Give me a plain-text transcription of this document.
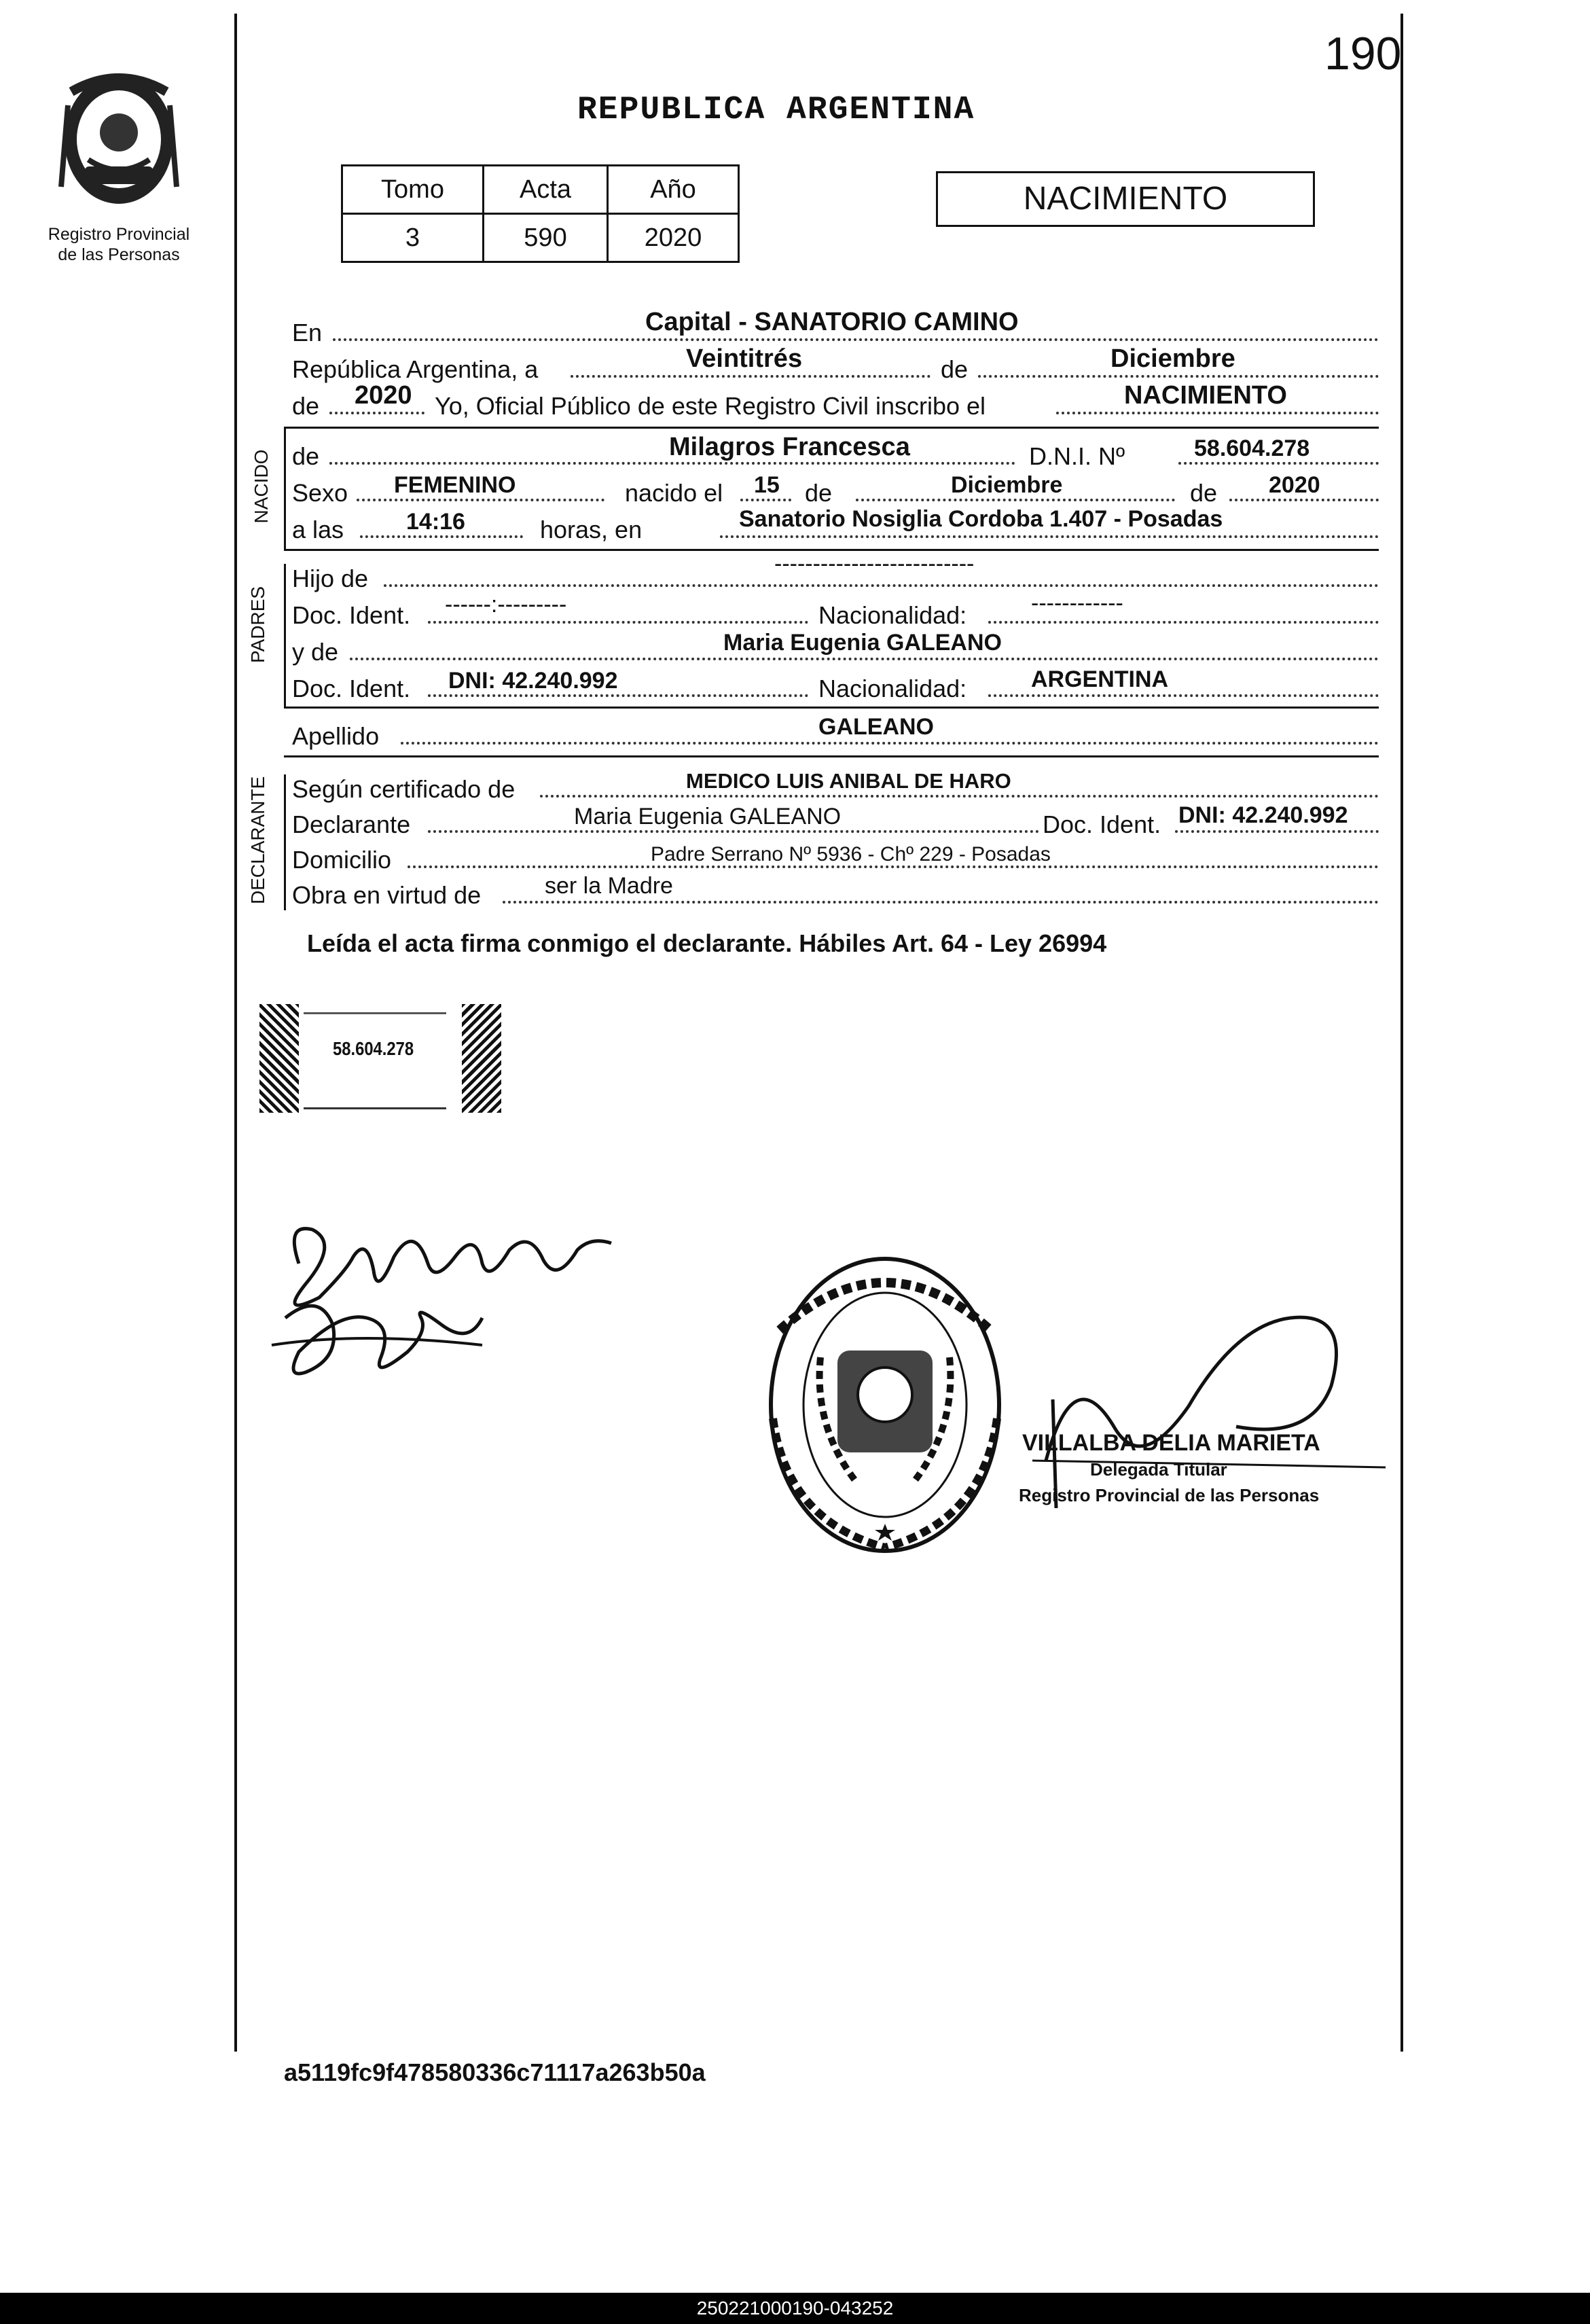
190
Registro Provincial
de las Personas
REPUBLICA ARGENTINA
Tomo	Acta	Año
3	590	2020
NACIMIENTO
En	Capital - SANATORIO CAMINO
República Argentina, a	Veintitrés	de	Diciembre
de 2020 Yo, Oficial Público de este Registro Civil inscribo el	NACIMIENTO
NACIDO de	Milagros Francesca	D.N.I. Nº	58.604.278
Sexo FEMENINO	nacido el 15 de	Diciembre	de 2020
a las	14:16	horas, en	Sanatorio Nosiglia Cordoba 1.407 - Posadas
PADRES
Hijo de
--------------------------
Doc. Ident. ------:---------	Nacionalidad:	------------
y de	Maria Eugenia GALEANO
Doc. Ident. DNI: 42.240.992	Nacionalidad:	ARGENTINA
Apellido	GALEANO
DECLARANTE Según certificado de	MEDICO LUIS ANIBAL DE HARO
Declarante	Maria Eugenia GALEANO	Doc. Ident. DNI: 42.240.992
Domicilio	Padre Serrano Nº 5936 - Chº 229 - Posadas
Obra en virtud de	ser la Madre
Leída el acta firma conmigo el declarante. Hábiles Art. 64 - Ley 26994
58.604.278
VILLALBA DELIA MARIETA
Delegada Titular
Registro Provincial de las Personas
a5119fc9f478580336c71117a263b50a
250221000190-043252
